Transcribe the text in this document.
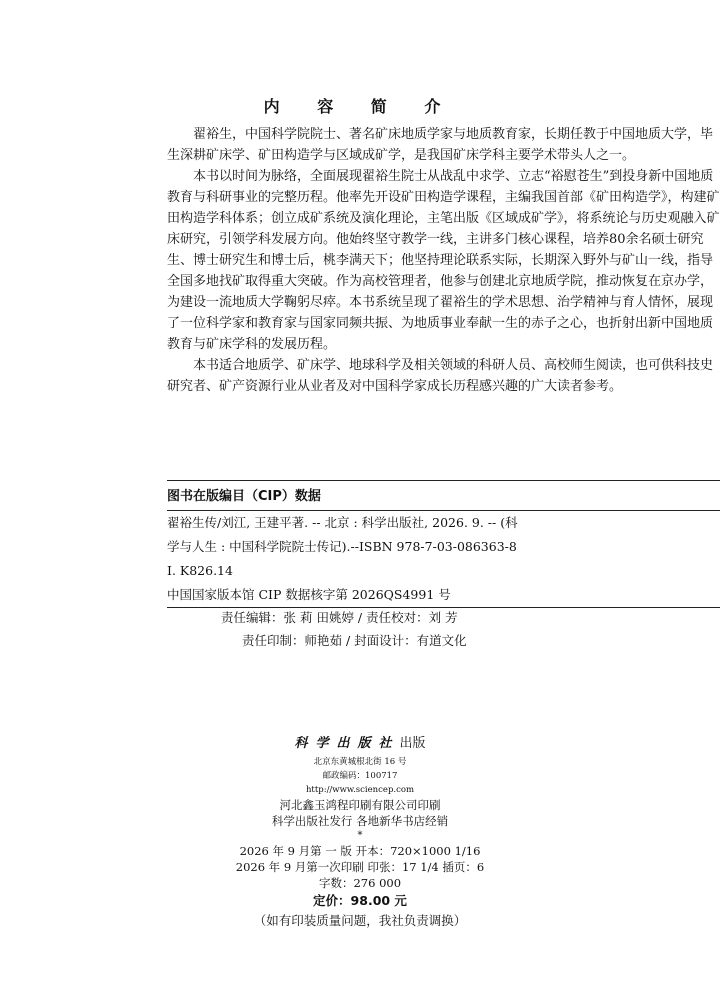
内 容 简 介

翟裕生，中国科学院院士、著名矿床地质学家与地质教育家，长期任教于中国地质大学，毕生深耕矿床学、矿田构造学与区域成矿学，是我国矿床学科主要学术带头人之一。

本书以时间为脉络，全面展现翟裕生院士从战乱中求学、立志“裕慰苍生”到投身新中国地质教育与科研事业的完整历程。他率先开设矿田构造学课程，主编我国首部《矿田构造学》，构建矿田构造学科体系；创立成矿系统及演化理论，主笔出版《区域成矿学》，将系统论与历史观融入矿床研究，引领学科发展方向。他始终坚守教学一线，主讲多门核心课程，培养80余名硕士研究生、博士研究生和博士后，桃李满天下；他坚持理论联系实际，长期深入野外与矿山一线，指导全国多地找矿取得重大突破。作为高校管理者，他参与创建北京地质学院，推动恢复在京办学，为建设一流地质大学鞠躬尽瘁。本书系统呈现了翟裕生的学术思想、治学精神与育人情怀，展现了一位科学家和教育家与国家同频共振、为地质事业奉献一生的赤子之心，也折射出新中国地质教育与矿床学科的发展历程。

本书适合地质学、矿床学、地球科学及相关领域的科研人员、高校师生阅读，也可供科技史研究者、矿产资源行业从业者及对中国科学家成长历程感兴趣的广大读者参考。

图书在版编目（CIP）数据
翟裕生传/刘江, 王建平著. -- 北京 : 科学出版社, 2026. 9. -- (科
学与人生 : 中国科学院院士传记).--ISBN 978-7-03-086363-8
Ⅰ. K826.14
中国国家版本馆 CIP 数据核字第 2026QS4991 号
责任编辑：张 莉 田姚婷 / 责任校对：刘 芳
责任印制：师艳茹 / 封面设计：有道文化
科学出版社出版
北京东黄城根北街 16 号
邮政编码：100717
http://www.sciencep.com
河北鑫玉鸿程印刷有限公司印刷
科学出版社发行 各地新华书店经销
*
2026 年 9 月第 一 版 开本：720×1000 1/16
2026 年 9 月第一次印刷 印张：17 1/4 插页：6
字数：276 000
定价：98.00 元
（如有印装质量问题，我社负责调换）
